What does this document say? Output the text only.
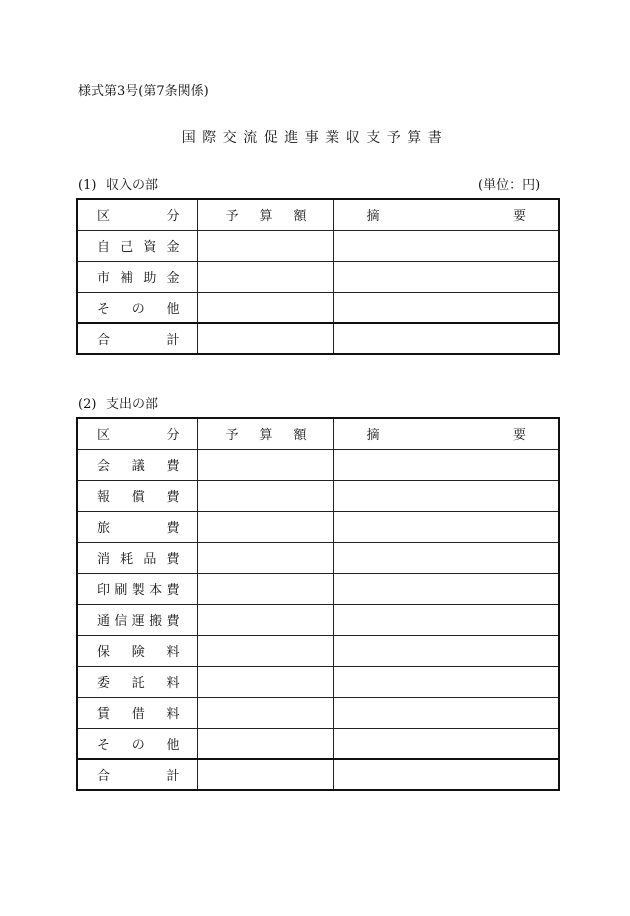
様式第3号(第7条関係)
国際交流促進事業収支予算書
(1) 収入の部	(単位：円)
区 分	予 算 額	摘 要

自 己 資 金		

市 補 助 金		

そ の 他		

合 計		

(2) 支出の部
区 分	予 算 額	摘 要

会 議 費		

報 償 費		

旅 費		

消 耗 品 費		

印 刷 製 本 費		

通 信 運 搬 費		

保 険 料		

委 託 料		

賃 借 料		

そ の 他		

合 計		
